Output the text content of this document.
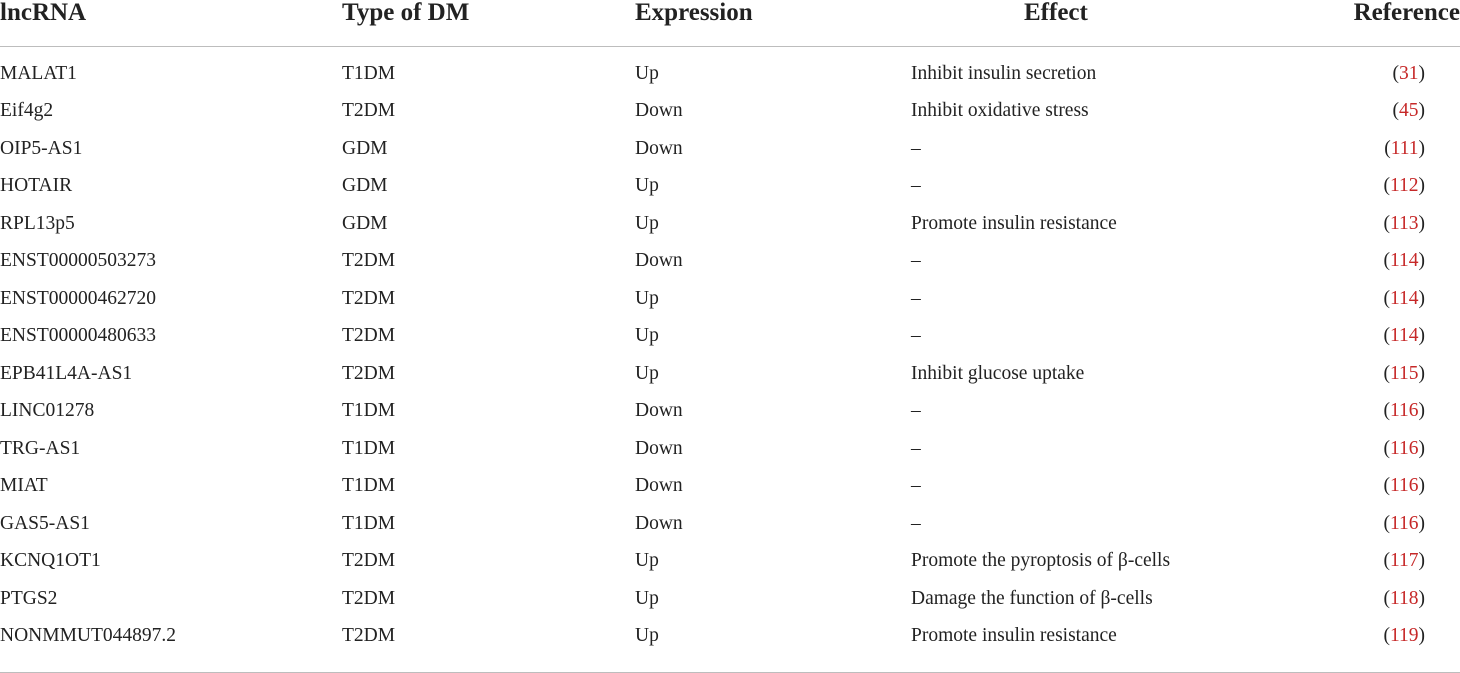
lncRNA	Type of DM	Expression	Effect	Reference
MALAT1	T1DM	Up	Inhibit insulin secretion	(31)
Eif4g2	T2DM	Down	Inhibit oxidative stress	(45)
OIP5-AS1	GDM	Down	–	(111)
HOTAIR	GDM	Up	–	(112)
RPL13p5	GDM	Up	Promote insulin resistance	(113)
ENST00000503273	T2DM	Down	–	(114)
ENST00000462720	T2DM	Up	–	(114)
ENST00000480633	T2DM	Up	–	(114)
EPB41L4A-AS1	T2DM	Up	Inhibit glucose uptake	(115)
LINC01278	T1DM	Down	–	(116)
TRG-AS1	T1DM	Down	–	(116)
MIAT	T1DM	Down	–	(116)
GAS5-AS1	T1DM	Down	–	(116)
KCNQ1OT1	T2DM	Up	Promote the pyroptosis of β-cells	(117)
PTGS2	T2DM	Up	Damage the function of β-cells	(118)
NONMMUT044897.2	T2DM	Up	Promote insulin resistance	(119)
